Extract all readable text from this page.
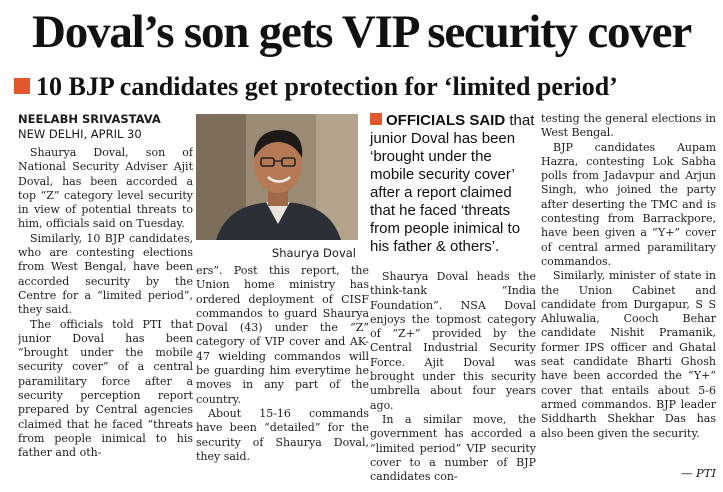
Doval’s son gets VIP security cover
10 BJP candidates get protection for ‘limited period’
NEELABH SRIVASTAVA
NEW DELHI, APRIL 30

Shaurya Doval, son of National Security Adviser Ajit Doval, has been accorded a top “Z” category level security in view of potential threats to him, officials said on Tuesday.

Similarly, 10 BJP candidates, who are contesting elections from West Bengal, have been accorded security by the Centre for a “limited period”, they said.

The officials told PTI that junior Doval has been “brought under the mobile security cover” of a central paramilitary force after a security perception report prepared by Central agencies claimed that he faced “threats from people inimical to his father and oth-

Shaurya Doval

ers”. Post this report, the Union home ministry has ordered deployment of CISF commandos to guard Shaurya Doval (43) under the “Z” category of VIP cover and AK-47 wielding commandos will be guarding him everytime he moves in any part of the country.

About 15-16 commands have been “detailed” for the security of Shaurya Doval, they said.

OFFICIALS SAID that junior Doval has been ‘brought under the mobile security cover’ after a report claimed that he faced ‘threats from people inimical to his father & others’.

Shaurya Doval heads the think-tank “India Foundation”. NSA Doval enjoys the topmost category of “Z+” provided by the Central Industrial Security Force. Ajit Doval was brought under this security umbrella about four years ago.

In a similar move, the government has accorded a “limited period” VIP security cover to a number of BJP candidates con-

testing the general elections in West Bengal.

BJP candidates Aupam Hazra, contesting Lok Sabha polls from Jadavpur and Arjun Singh, who joined the party after deserting the TMC and is contesting from Barrackpore, have been given a “Y+” cover of central armed paramilitary commandos.

Similarly, minister of state in the Union Cabinet and candidate from Durgapur, S S Ahluwalia, Cooch Behar candidate Nishit Pramanik, former IPS officer and Ghatal seat candidate Bharti Ghosh have been accorded the “Y+” cover that entails about 5-6 armed commandos. BJP leader Siddharth Shekhar Das has also been given the security.

— PTI
